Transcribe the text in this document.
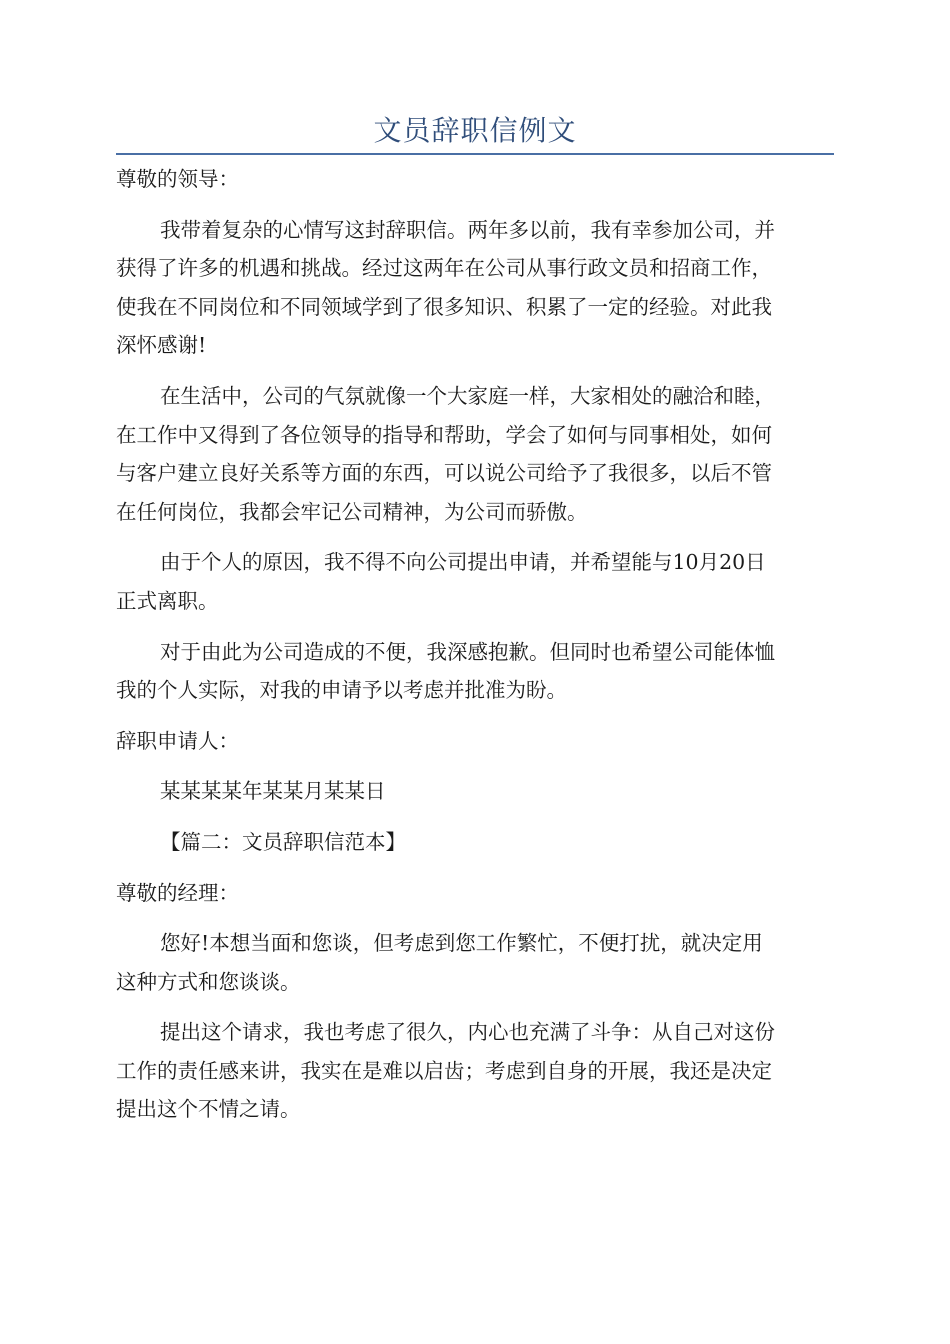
文员辞职信例文

尊敬的领导：

我带着复杂的心情写这封辞职信。两年多以前，我有幸参加公司，并
获得了许多的机遇和挑战。经过这两年在公司从事行政文员和招商工作，
使我在不同岗位和不同领域学到了很多知识、积累了一定的经验。对此我
深怀感谢!

在生活中，公司的气氛就像一个大家庭一样，大家相处的融洽和睦，
在工作中又得到了各位领导的指导和帮助，学会了如何与同事相处，如何
与客户建立良好关系等方面的东西，可以说公司给予了我很多，以后不管
在任何岗位，我都会牢记公司精神，为公司而骄傲。

由于个人的原因，我不得不向公司提出申请，并希望能与10月20日
正式离职。

对于由此为公司造成的不便，我深感抱歉。但同时也希望公司能体恤
我的个人实际，对我的申请予以考虑并批准为盼。

辞职申请人：

某某某某年某某月某某日

【篇二：文员辞职信范本】

尊敬的经理：

您好!本想当面和您谈，但考虑到您工作繁忙，不便打扰，就决定用
这种方式和您谈谈。

提出这个请求，我也考虑了很久，内心也充满了斗争：从自己对这份
工作的责任感来讲，我实在是难以启齿；考虑到自身的开展，我还是决定
提出这个不情之请。
